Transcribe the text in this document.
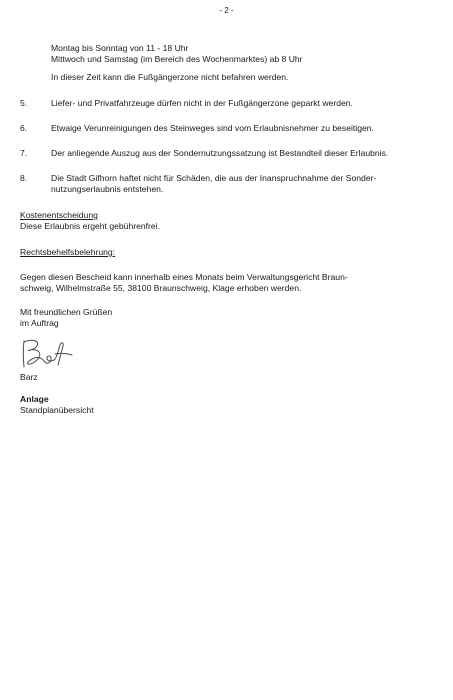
- 2 -
Montag bis Sonntag von 11 - 18 Uhr
Mittwoch und Samstag (im Bereich des Wochenmarktes) ab 8 Uhr
In dieser Zeit kann die Fußgängerzone nicht befahren werden.
5.	Liefer- und Privatfahrzeuge dürfen nicht in der Fußgängerzone geparkt werden.
6.	Etwaige Verunreinigungen des Steinweges sind vom Erlaubnisnehmer zu beseitigen.
7.	Der anliegende Auszug aus der Sondernutzungssatzung ist Bestandteil dieser Erlaubnis.
8.	Die Stadt Gifhorn haftet nicht für Schäden, die aus der Inanspruchnahme der Sonder-
nutzungserlaubnis entstehen.
Kostenentscheidung
Diese Erlaubnis ergeht gebührenfrei.
Rechtsbehelfsbelehrung:
Gegen diesen Bescheid kann innerhalb eines Monats beim Verwaltungsgericht Braun-
schweig, Wilhelmstraße 55, 38100 Braunschweig, Klage erhoben werden.
Mit freundlichen Grüßen
im Auftrag
Barz
Anlage
Standplanübersicht
